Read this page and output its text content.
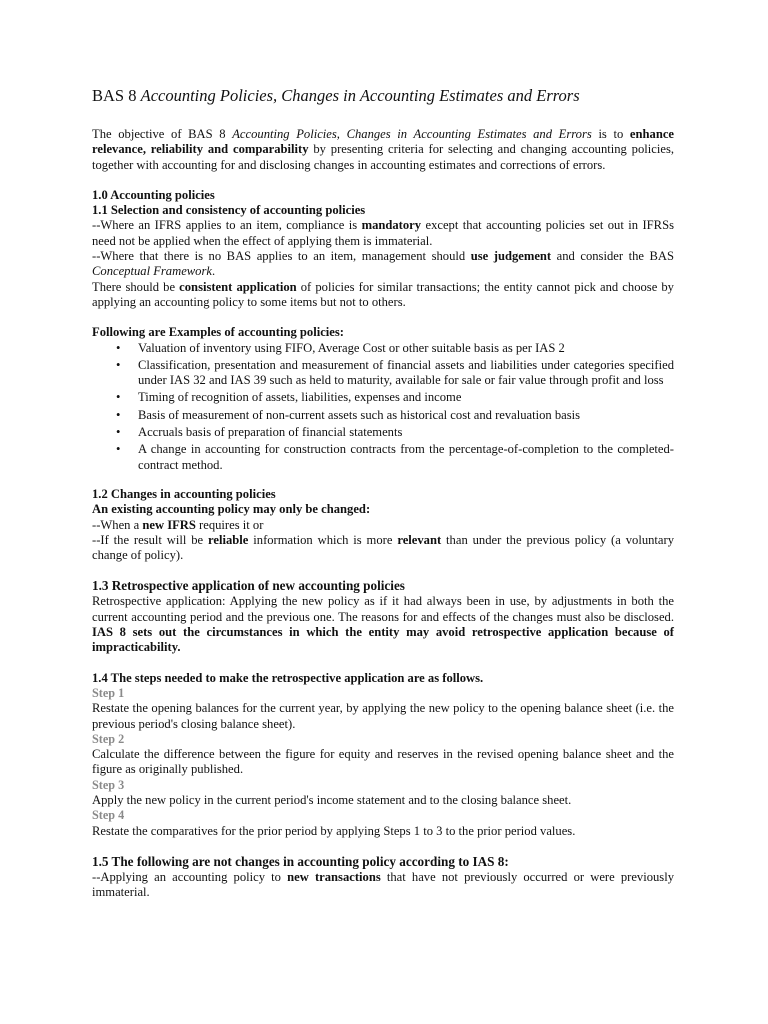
BAS 8 Accounting Policies, Changes in Accounting Estimates and Errors

The objective of BAS 8 Accounting Policies, Changes in Accounting Estimates and Errors is to enhance relevance, reliability and comparability by presenting criteria for selecting and changing accounting policies, together with accounting for and disclosing changes in accounting estimates and corrections of errors.

1.0 Accounting policies

1.1 Selection and consistency of accounting policies

--Where an IFRS applies to an item, compliance is mandatory except that accounting policies set out in IFRSs need not be applied when the effect of applying them is immaterial.

--Where that there is no BAS applies to an item, management should use judgement and consider the BAS Conceptual Framework.

There should be consistent application of policies for similar transactions; the entity cannot pick and choose by applying an accounting policy to some items but not to others.

Following are Examples of accounting policies:

• Valuation of inventory using FIFO, Average Cost or other suitable basis as per IAS 2
• Classification, presentation and measurement of financial assets and liabilities under categories specified under IAS 32 and IAS 39 such as held to maturity, available for sale or fair value through profit and loss
• Timing of recognition of assets, liabilities, expenses and income
• Basis of measurement of non-current assets such as historical cost and revaluation basis
• Accruals basis of preparation of financial statements
• A change in accounting for construction contracts from the percentage-of-completion to the completed-contract method.

1.2 Changes in accounting policies

An existing accounting policy may only be changed:

--When a new IFRS requires it or

--If the result will be reliable information which is more relevant than under the previous policy (a voluntary change of policy).

1.3 Retrospective application of new accounting policies

Retrospective application: Applying the new policy as if it had always been in use, by adjustments in both the current accounting period and the previous one. The reasons for and effects of the changes must also be disclosed. IAS 8 sets out the circumstances in which the entity may avoid retrospective application because of impracticability.

1.4 The steps needed to make the retrospective application are as follows.

Step 1

Restate the opening balances for the current year, by applying the new policy to the opening balance sheet (i.e. the previous period's closing balance sheet).

Step 2

Calculate the difference between the figure for equity and reserves in the revised opening balance sheet and the figure as originally published.

Step 3

Apply the new policy in the current period's income statement and to the closing balance sheet.

Step 4

Restate the comparatives for the prior period by applying Steps 1 to 3 to the prior period values.

1.5 The following are not changes in accounting policy according to IAS 8:

--Applying an accounting policy to new transactions that have not previously occurred or were previously immaterial.
